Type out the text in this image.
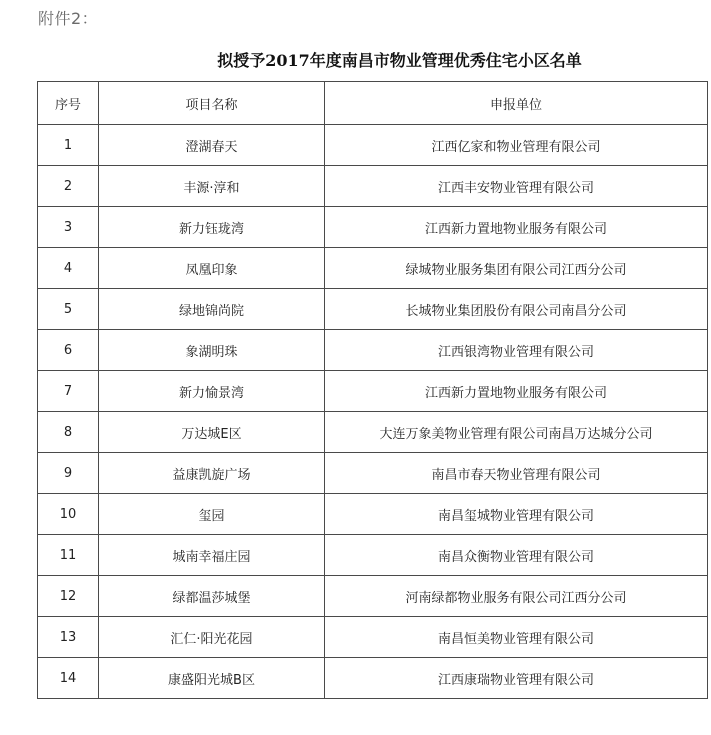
附件2：
拟授予2017年度南昌市物业管理优秀住宅小区名单
序号	项目名称	申报单位
1	澄湖春天	江西亿家和物业管理有限公司
2	丰源·淳和	江西丰安物业管理有限公司
3	新力钰珑湾	江西新力置地物业服务有限公司
4	凤凰印象	绿城物业服务集团有限公司江西分公司
5	绿地锦尚院	长城物业集团股份有限公司南昌分公司
6	象湖明珠	江西银湾物业管理有限公司
7	新力愉景湾	江西新力置地物业服务有限公司
8	万达城E区	大连万象美物业管理有限公司南昌万达城分公司
9	益康凯旋广场	南昌市春天物业管理有限公司
10	玺园	南昌玺城物业管理有限公司
11	城南幸福庄园	南昌众衡物业管理有限公司
12	绿都温莎城堡	河南绿都物业服务有限公司江西分公司
13	汇仁·阳光花园	南昌恒美物业管理有限公司
14	康盛阳光城B区	江西康瑞物业管理有限公司
